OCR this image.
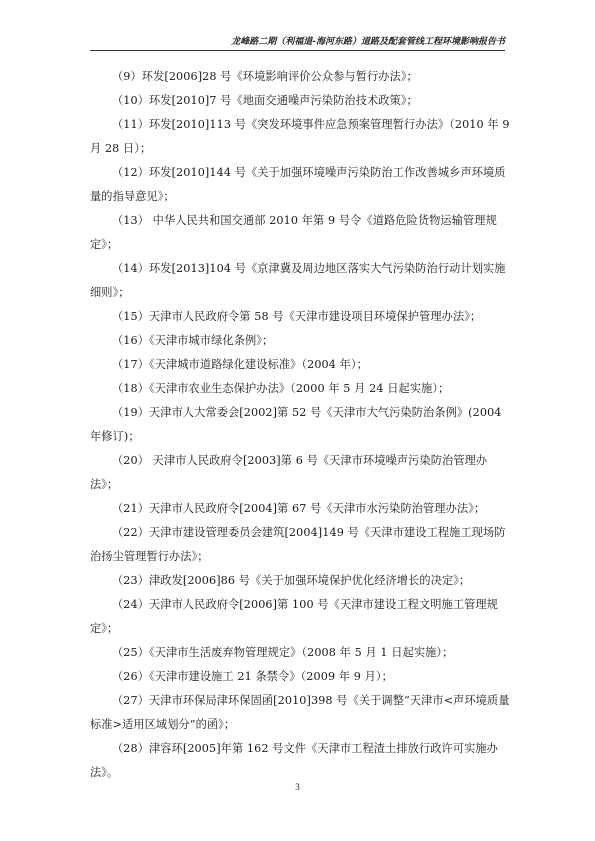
龙峰路二期（利福道-海河东路）道路及配套管线工程环境影响报告书

（9）环发[2006]28 号《环境影响评价公众参与暂行办法》；

（10）环发[2010]7 号《地面交通噪声污染防治技术政策》；

（11）环发[2010]113 号《突发环境事件应急预案管理暂行办法》（2010 年 9 月 28 日）；

（12）环发[2010]144 号《关于加强环境噪声污染防治工作改善城乡声环境质量的指导意见》；

（13） 中华人民共和国交通部 2010 年第 9 号令《道路危险货物运输管理规定》；

（14）环发[2013]104 号《京津冀及周边地区落实大气污染防治行动计划实施细则》；

（15）天津市人民政府令第 58 号《天津市建设项目环境保护管理办法》；

（16）《天津市城市绿化条例》；

（17）《天津城市道路绿化建设标准》（2004 年）；

（18）《天津市农业生态保护办法》（2000 年 5 月 24 日起实施）；

（19）天津市人大常委会[2002]第 52 号《天津市大气污染防治条例》(2004 年修订)；

（20） 天津市人民政府令[2003]第 6 号《天津市环境噪声污染防治管理办法》；

（21）天津市人民政府令[2004]第 67 号《天津市水污染防治管理办法》；

（22）天津市建设管理委员会建筑[2004]149 号《天津市建设工程施工现场防治扬尘管理暂行办法》；

（23）津政发[2006]86 号《关于加强环境保护优化经济增长的决定》；

（24）天津市人民政府令[2006]第 100 号《天津市建设工程文明施工管理规定》；

（25）《天津市生活废弃物管理规定》（2008 年 5 月 1 日起实施）；

（26）《天津市建设施工 21 条禁令》（2009 年 9 月）；

（27）天津市环保局津环保固函[2010]398 号《关于调整“天津市<声环境质量标准>适用区域划分”的函》；

（28）津容环[2005]年第 162 号文件《天津市工程渣土排放行政许可实施办法》。

3
